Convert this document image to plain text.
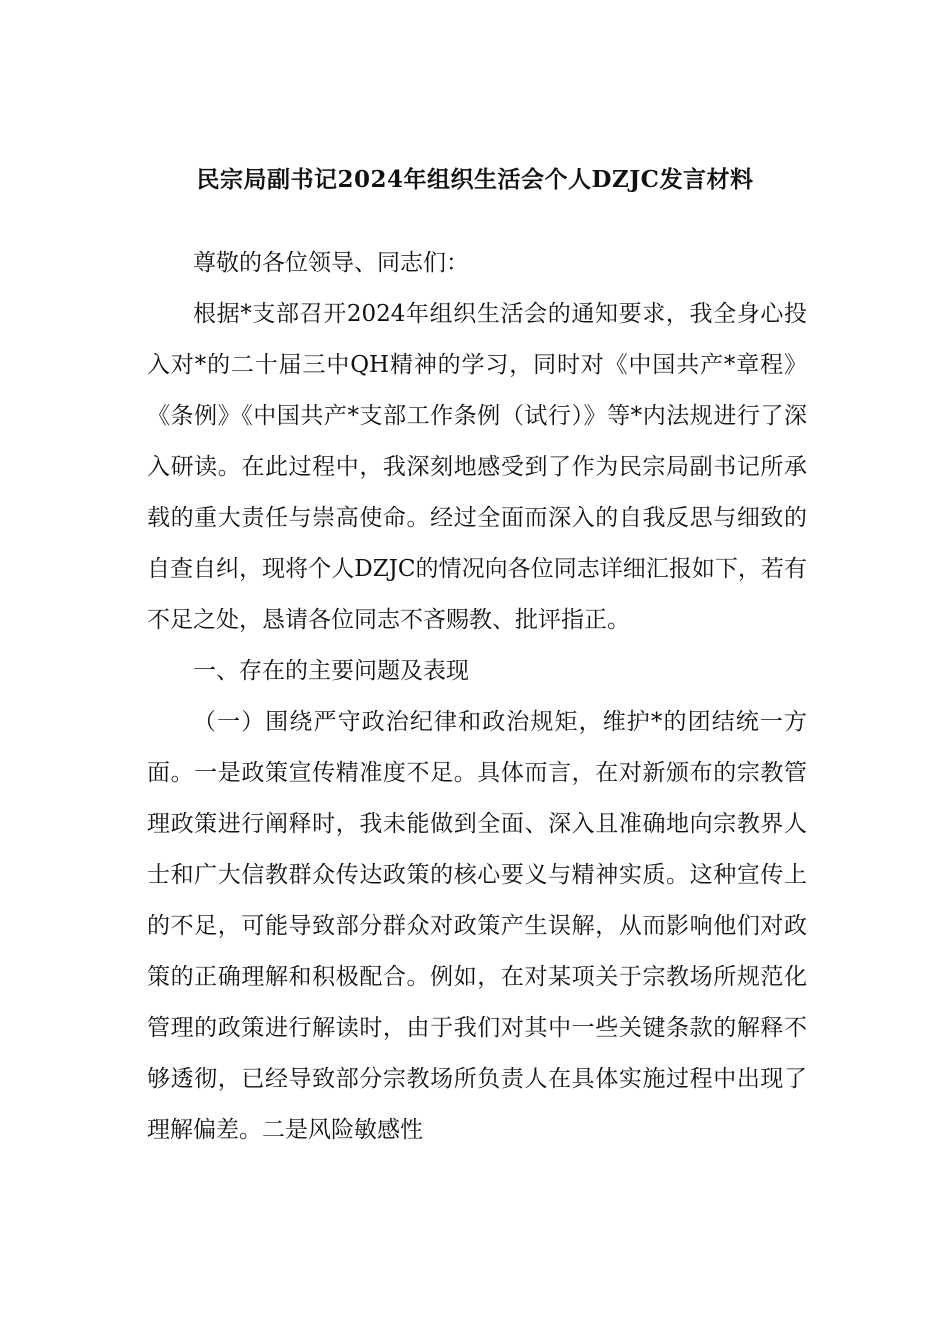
民宗局副书记2024年组织生活会个人DZJC发言材料

尊敬的各位领导、同志们：

根据*支部召开2024年组织生活会的通知要求，我全身心投入对*的二十届三中QH精神的学习，同时对《中国共产*章程》《条例》《中国共产*支部工作条例（试行）》等*内法规进行了深入研读。在此过程中，我深刻地感受到了作为民宗局副书记所承载的重大责任与崇高使命。经过全面而深入的自我反思与细致的自查自纠，现将个人DZJC的情况向各位同志详细汇报如下，若有不足之处，恳请各位同志不吝赐教、批评指正。

一、存在的主要问题及表现

（一）围绕严守政治纪律和政治规矩，维护*的团结统一方面。一是政策宣传精准度不足。具体而言，在对新颁布的宗教管理政策进行阐释时，我未能做到全面、深入且准确地向宗教界人士和广大信教群众传达政策的核心要义与精神实质。这种宣传上的不足，可能导致部分群众对政策产生误解，从而影响他们对政策的正确理解和积极配合。例如，在对某项关于宗教场所规范化管理的政策进行解读时，由于我们对其中一些关键条款的解释不够透彻，已经导致部分宗教场所负责人在具体实施过程中出现了理解偏差。二是风险敏感性
